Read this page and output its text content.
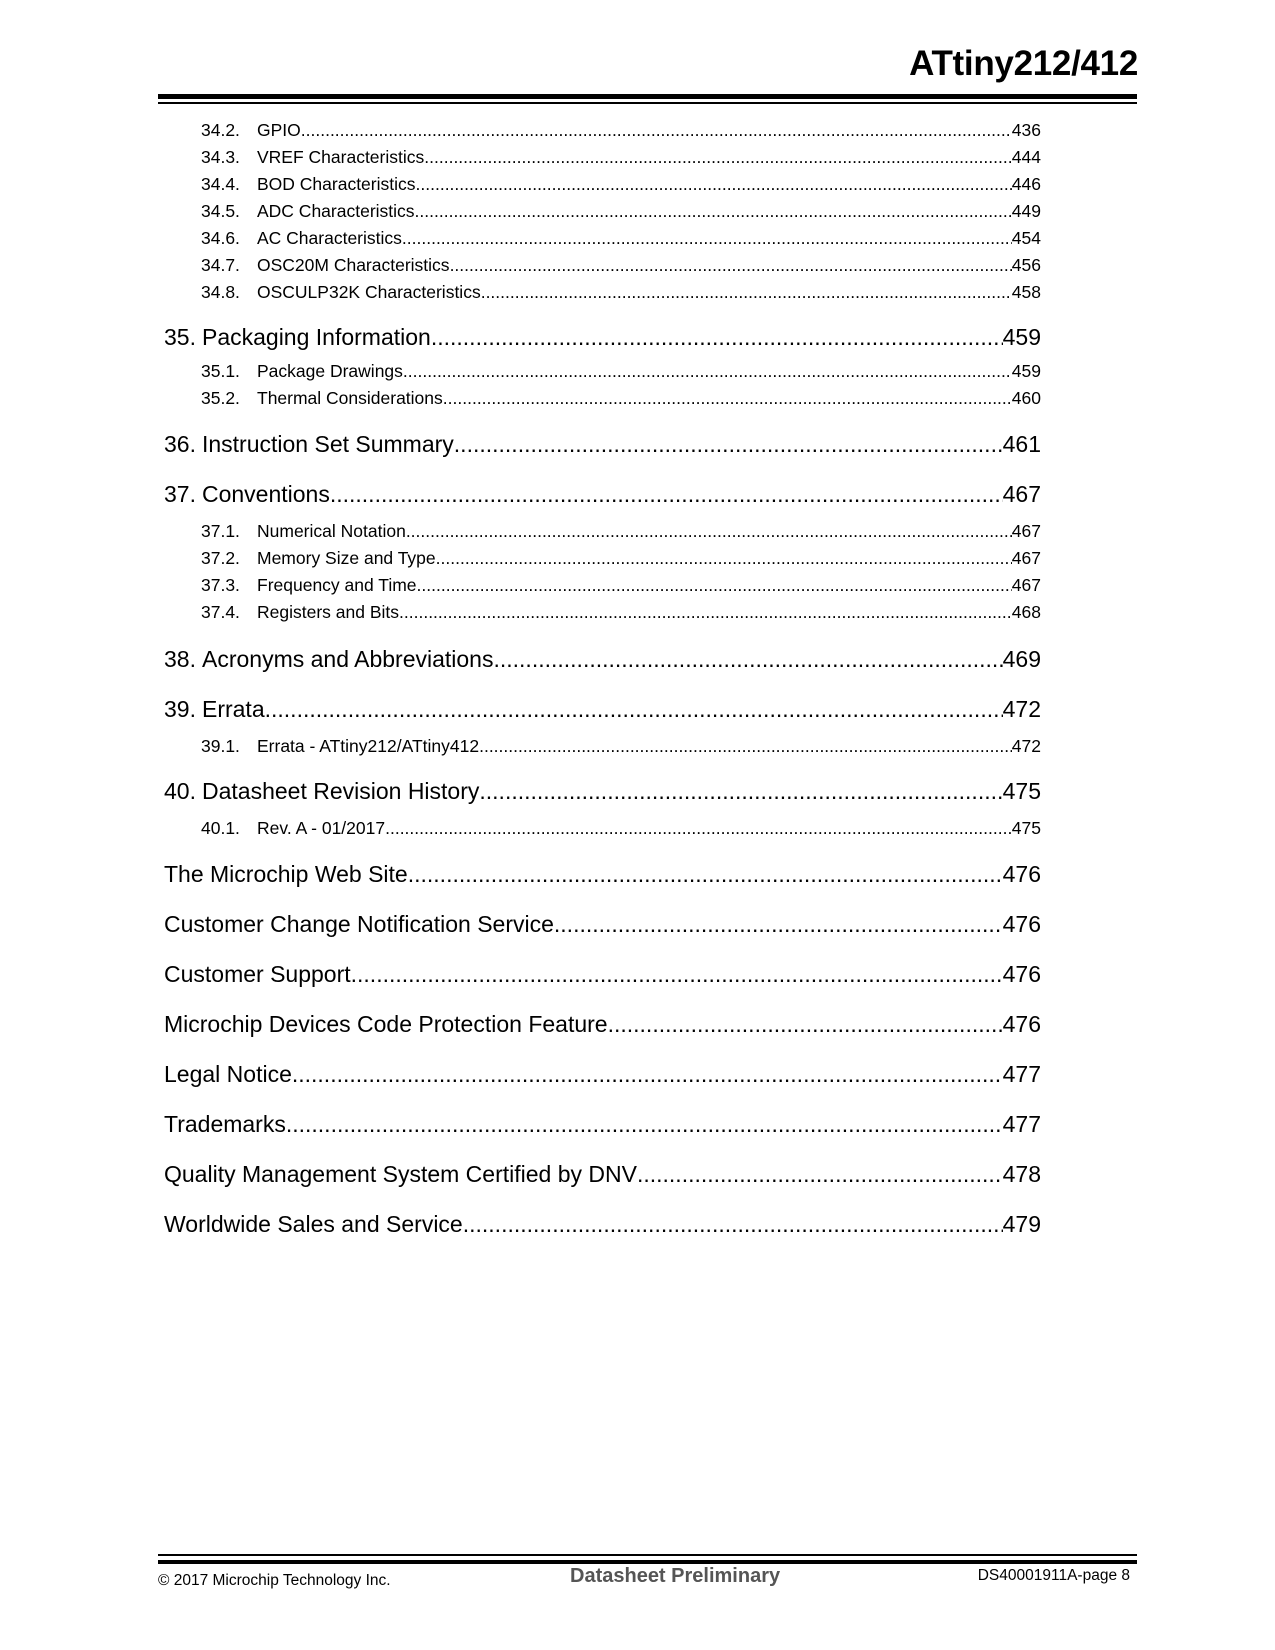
ATtiny212/412
34.2. GPIO .....	436
34.3. VREF Characteristics .....	444
34.4. BOD Characteristics .....	446
34.5. ADC Characteristics .....	449
34.6. AC Characteristics .....	454
34.7. OSC20M Characteristics .....	456
34.8. OSCULP32K Characteristics .....	458
35. Packaging Information .....	459
35.1. Package Drawings .....	459
35.2. Thermal Considerations .....	460
36. Instruction Set Summary .....	461
37. Conventions .....	467
37.1. Numerical Notation .....	467
37.2. Memory Size and Type .....	467
37.3. Frequency and Time .....	467
37.4. Registers and Bits .....	468
38. Acronyms and Abbreviations .....	469
39. Errata .....	472
39.1. Errata - ATtiny212/ATtiny412 .....	472
40. Datasheet Revision History .....	475
40.1. Rev. A - 01/2017 .....	475
The Microchip Web Site .....	476
Customer Change Notification Service .....	476
Customer Support .....	476
Microchip Devices Code Protection Feature .....	476
Legal Notice .....	477
Trademarks .....	477
Quality Management System Certified by DNV .....	478
Worldwide Sales and Service .....	479
© 2017 Microchip Technology Inc.	Datasheet Preliminary	DS40001911A-page 8
